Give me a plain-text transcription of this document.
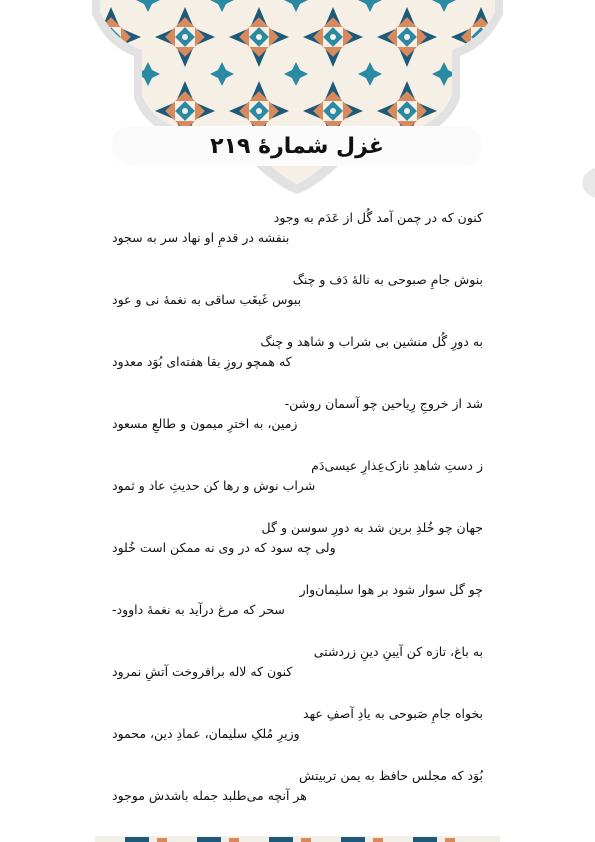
غزل شمارهٔ ۲۱۹
کنون که در چمن آمد گُل از عَدَم به وجود
بنفشه در قدمِ او نهاد سر به سجود
بنوش جامِ صبوحی به نالهٔ دَف و چنگ
ببوس غَبغَب ساقی به نغمهٔ نی و عود
به دورِ گُل منشین بی شراب و شاهد و چنگ
که همچو روزِ بقا هفته‌ای بُوَد معدود
شد از خروجِ رِیاحین چو آسمان روشن-
زمین، به اخترِ میمون و طالعِ مسعود
ز دستِ شاهدِ نازک‌عِذارِ عیسی‌دَم
شراب نوش و رها کن حدیثِ عاد و ثمود
جهان چو خُلدِ برین شد به دورِ سوسن و گل
ولی چه سود که در وی نه ممکن است خُلود
چو گل سوار شود بر هوا سلیمان‌وار
سحر که مرغ درآید به نغمهٔ داوود-
به باغ، تازه کن آیینِ دینِ زردشتی
کنون که لاله برافروخت آتشِ نمرود
بخواه جامِ صَبوحی به یادِ آصفِ عهد
وزیرِ مُلکِ سلیمان، عمادِ دین، محمود
بُوَد که مجلس حافظ به یمن تربیتش
هر آنچه می‌طلبد جمله باشدش موجود
